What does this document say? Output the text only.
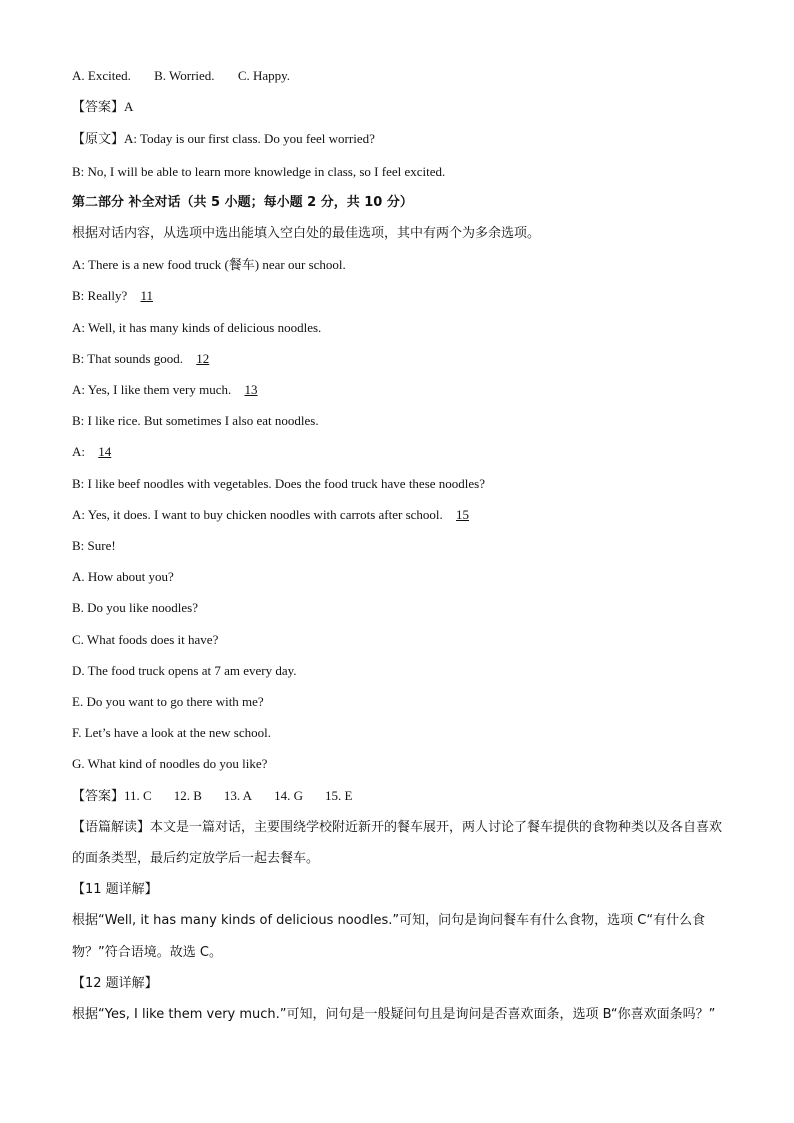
A. Excited. B. Worried. C. Happy.
【答案】A
【原文】A: Today is our first class. Do you feel worried?
B: No, I will be able to learn more knowledge in class, so I feel excited.
第二部分 补全对话（共 5 小题；每小题 2 分，共 10 分）
根据对话内容，从选项中选出能填入空白处的最佳选项，其中有两个为多余选项。
A: There is a new food truck (餐车) near our school.
B: Really? 11
A: Well, it has many kinds of delicious noodles.
B: That sounds good. 12
A: Yes, I like them very much. 13
B: I like rice. But sometimes I also eat noodles.
A: 14
B: I like beef noodles with vegetables. Does the food truck have these noodles?
A: Yes, it does. I want to buy chicken noodles with carrots after school. 15
B: Sure!
A. How about you?
B. Do you like noodles?
C. What foods does it have?
D. The food truck opens at 7 am every day.
E. Do you want to go there with me?
F. Let’s have a look at the new school.
G. What kind of noodles do you like?
【答案】11. C 12. B 13. A 14. G 15. E
【语篇解读】本文是一篇对话，主要围绕学校附近新开的餐车展开，两人讨论了餐车提供的食物种类以及各自喜欢的面条类型，最后约定放学后一起去餐车。
【11 题详解】
根据“Well, it has many kinds of delicious noodles.”可知，问句是询问餐车有什么食物，选项 C“有什么食物？”符合语境。故选 C。
【12 题详解】
根据“Yes, I like them very much.”可知，问句是一般疑问句且是询问是否喜欢面条，选项 B“你喜欢面条吗？”
